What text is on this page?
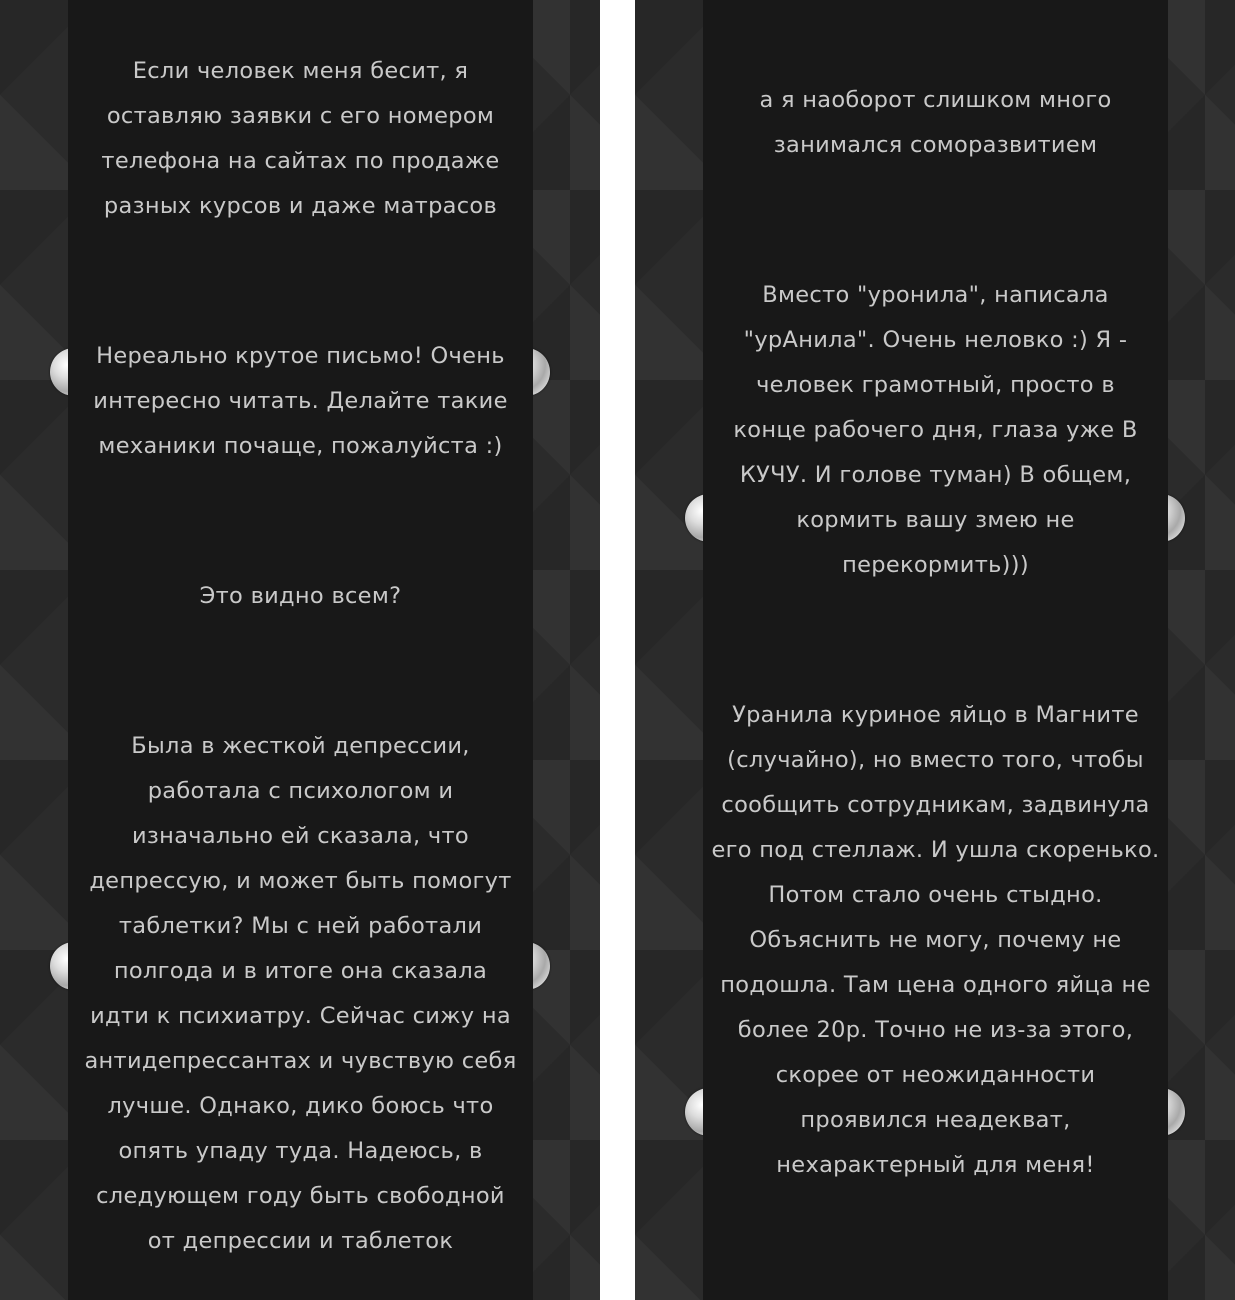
Если человек меня бесит, я оставляю заявки с его номером телефона на сайтах по продаже разных курсов и даже матрасов

Нереально крутое письмо! Очень интересно читать. Делайте такие механики почаще, пожалуйста :)

Это видно всем?

Была в жесткой депрессии, работала с психологом и изначально ей сказала, что депрессую, и может быть помогут таблетки? Мы с ней работали полгода и в итоге она сказала идти к психиатру. Сейчас сижу на антидепрессантах и чувствую себя лучше. Однако, дико боюсь что опять упаду туда. Надеюсь, в следующем году быть свободной от депрессии и таблеток

а я наоборот слишком много занимался соморазвитием

Вместо "уронила", написала "урАнила". Очень неловко :) Я - человек грамотный, просто в конце рабочего дня, глаза уже В КУЧУ. И голове туман) В общем, кормить вашу змею не перекормить)))

Уранила куриное яйцо в Магните (случайно), но вместо того, чтобы сообщить сотрудникам, задвинула его под стеллаж. И ушла скоренько. Потом стало очень стыдно. Объяснить не могу, почему не подошла. Там цена одного яйца не более 20р. Точно не из-за этого, скорее от неожиданности проявился неадекват, нехарактерный для меня!
